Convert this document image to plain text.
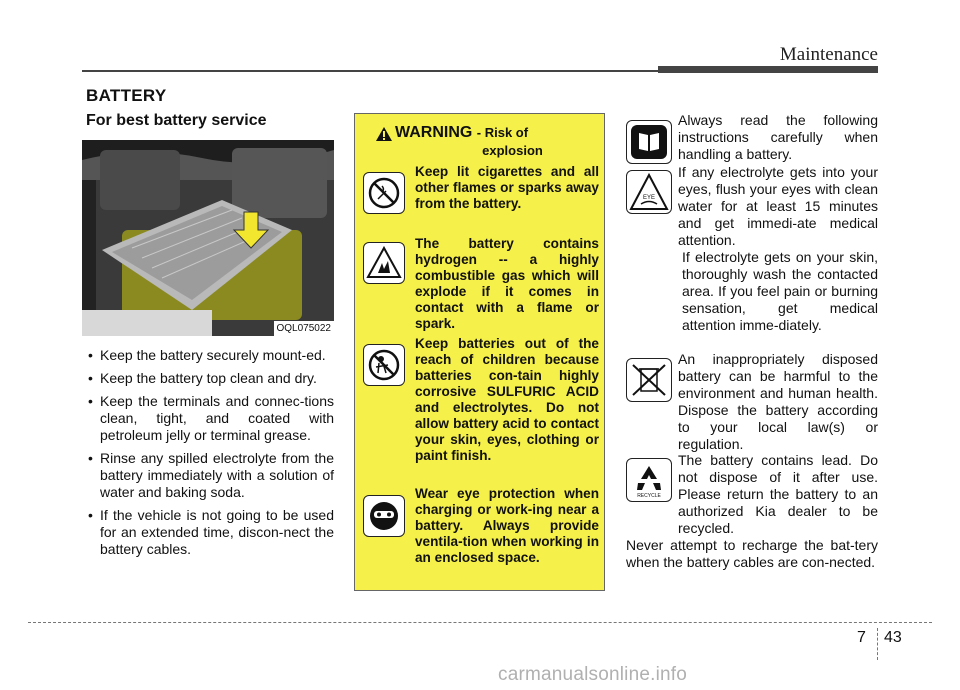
Maintenance
BATTERY
For best battery service
OQL075022
• Keep the battery securely mount-ed.
• Keep the battery top clean and dry.
• Keep the terminals and connec-tions clean, tight, and coated with petroleum jelly or terminal grease.
• Rinse any spilled electrolyte from the battery immediately with a solution of water and baking soda.
• If the vehicle is not going to be used for an extended time, discon-nect the battery cables.
WARNING - Risk of
explosion
Keep lit cigarettes and all other flames or sparks away from the battery.
The battery contains hydrogen -- a highly combustible gas which will explode if it comes in contact with a flame or spark.
Keep batteries out of the reach of children because batteries con-tain highly corrosive SULFURIC ACID and electrolytes. Do not allow battery acid to contact your skin, eyes, clothing or paint finish.
Wear eye protection when charging or work-ing near a battery. Always provide ventila-tion when working in an enclosed space.
Always read the following instructions carefully when handling a battery.
EYE
If any electrolyte gets into your eyes, flush your eyes with clean water for at least 15 minutes and get immedi-ate medical attention.
If electrolyte gets on your skin, thoroughly wash the contacted area. If you feel pain or burning sensation, get medical attention imme-diately.
An inappropriately disposed battery can be harmful to the environment and human health. Dispose the battery according to your local law(s) or regulation.
RECYCLE
The battery contains lead. Do not dispose of it after use. Please return the battery to an authorized Kia dealer to be recycled.
Never attempt to recharge the bat-tery when the battery cables are con-nected.
7 43
carmanualsonline.info
